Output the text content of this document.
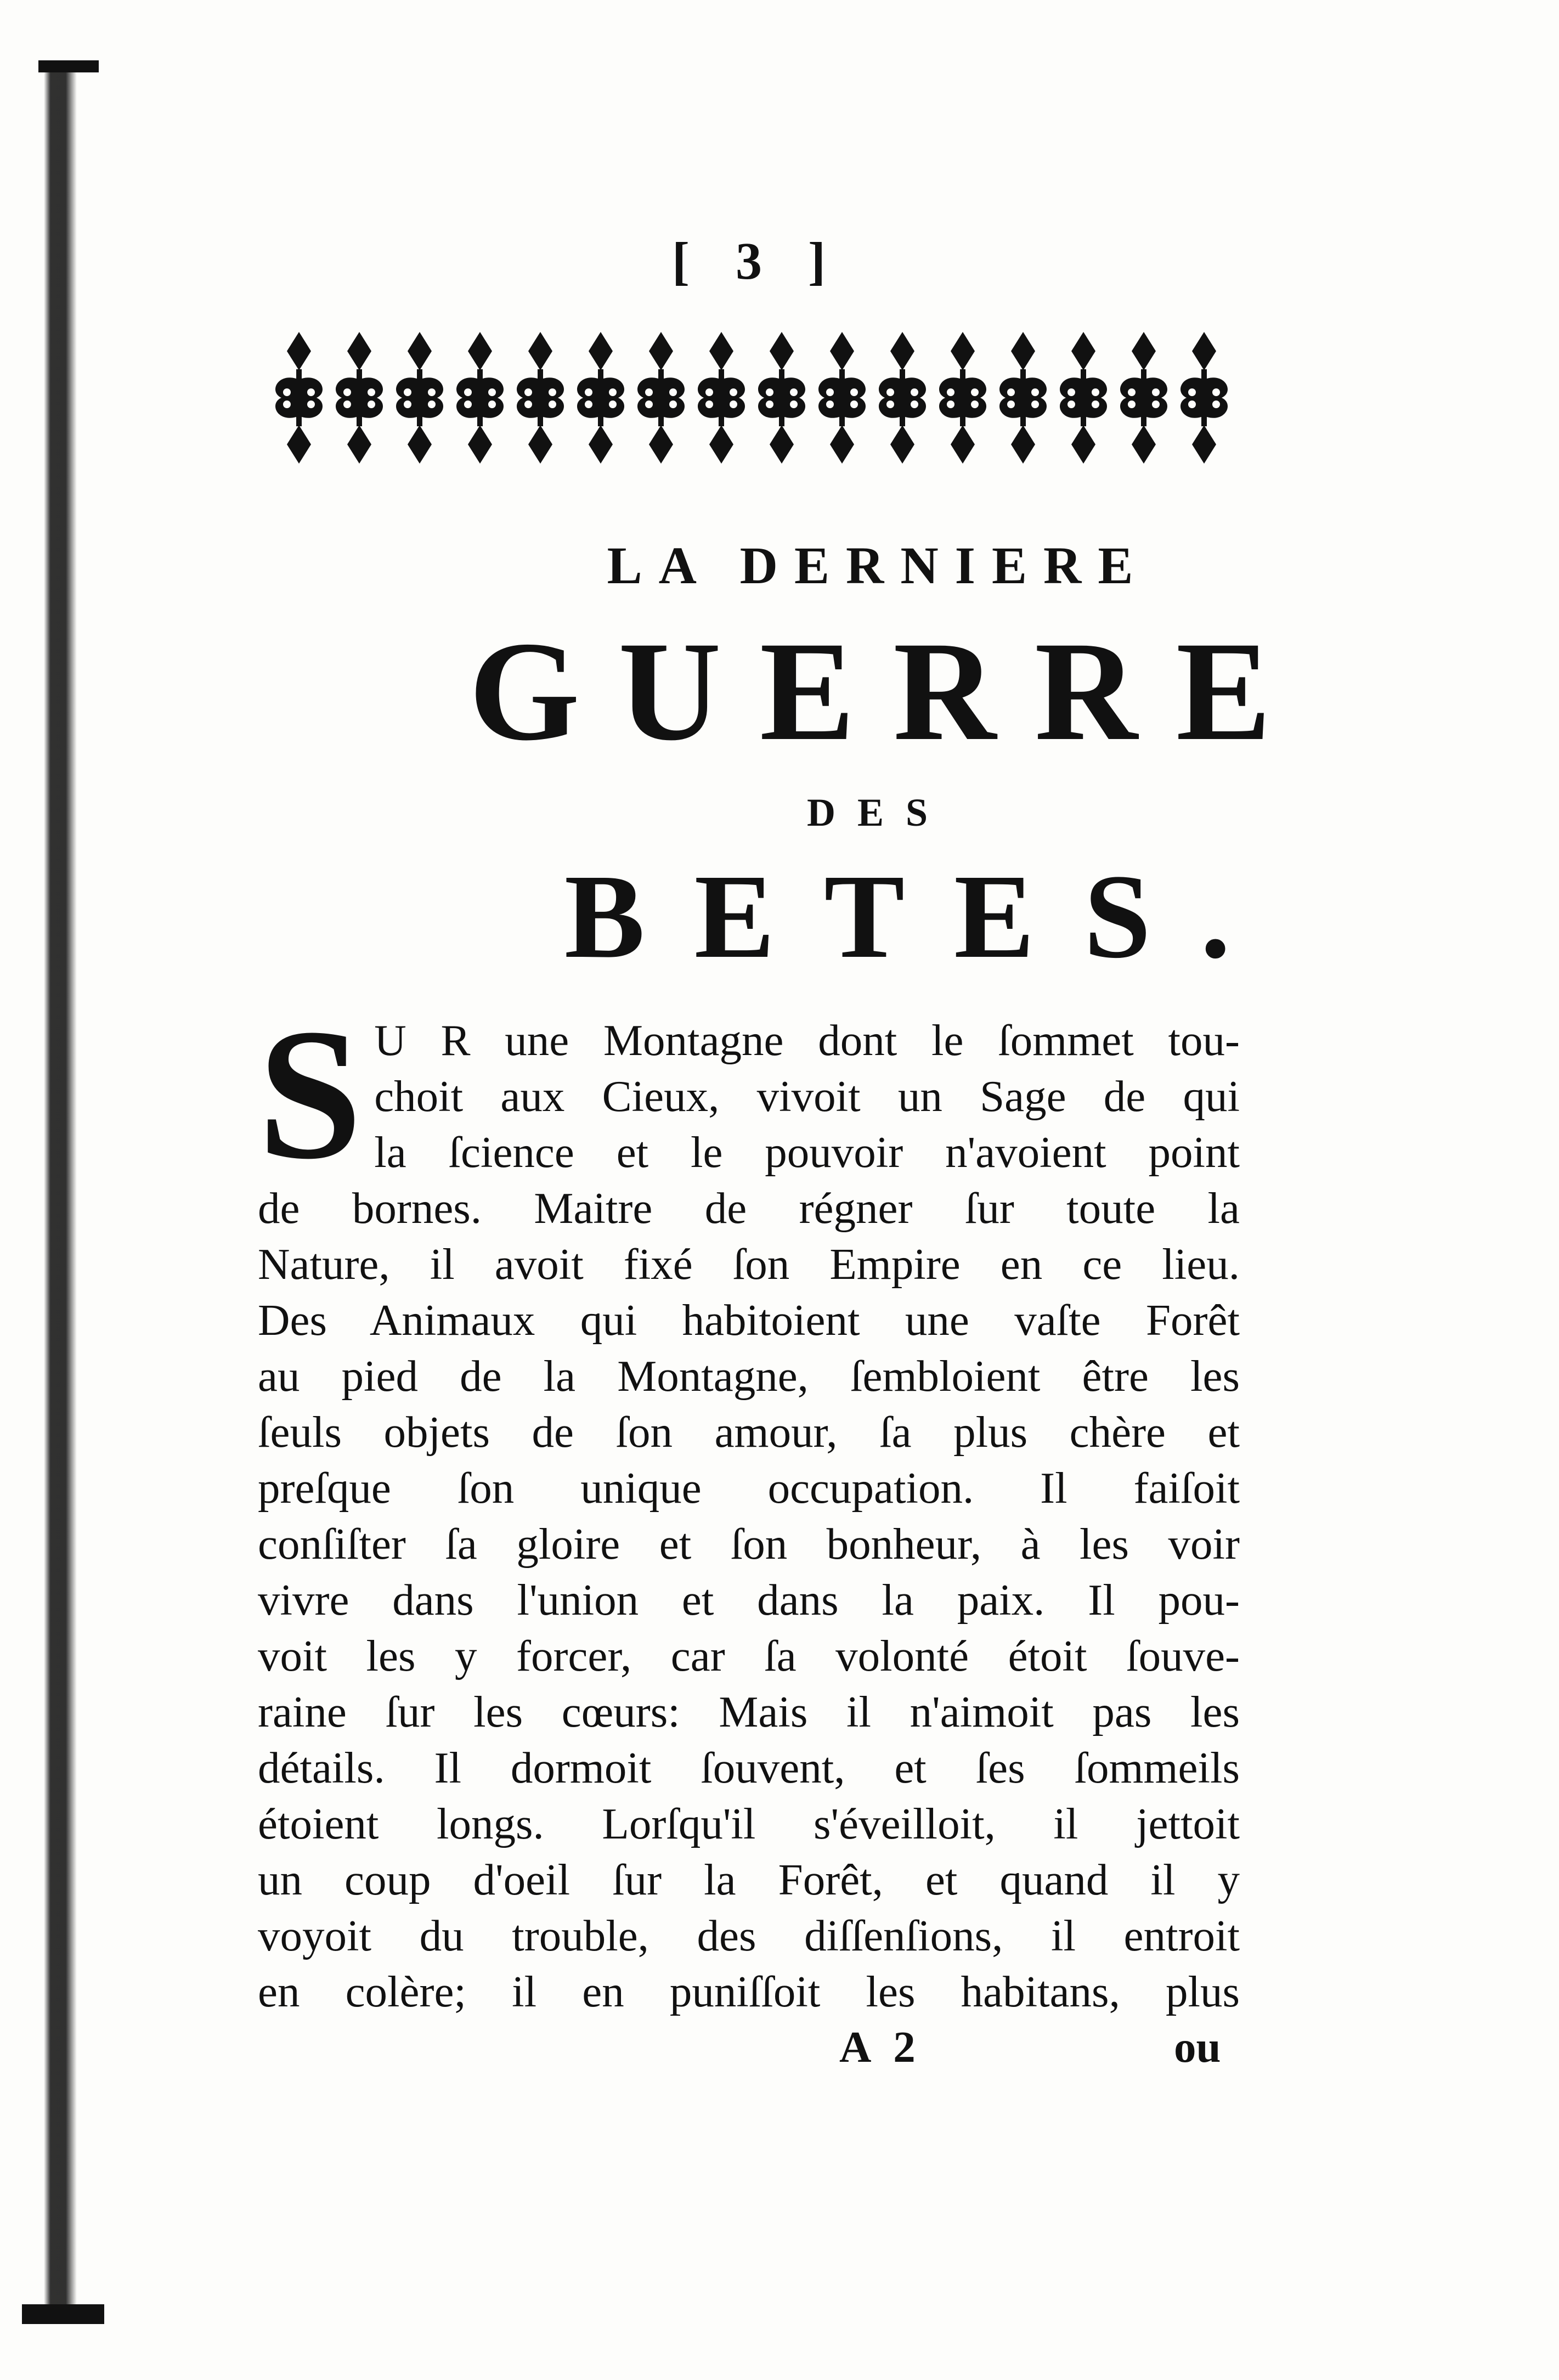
[ 3 ]
LA DERNIERE
GUERRE
DES
BETES.
S U R une Montagne dont le ſommet tou-
choit aux Cieux, vivoit un Sage de qui
la ſcience et le pouvoir n'avoient point
de bornes. Maitre de régner ſur toute la
Nature, il avoit fixé ſon Empire en ce lieu.
Des Animaux qui habitoient une vaſte Forêt
au pied de la Montagne, ſembloient être les
ſeuls objets de ſon amour, ſa plus chère et
preſque ſon unique occupation. Il faiſoit
conſiſter ſa gloire et ſon bonheur, à les voir
vivre dans l'union et dans la paix. Il pou-
voit les y forcer, car ſa volonté étoit ſouve-
raine ſur les cœurs: Mais il n'aimoit pas les
détails. Il dormoit ſouvent, et ſes ſommeils
étoient longs. Lorſqu'il s'éveilloit, il jettoit
un coup d'oeil ſur la Forêt, et quand il y
voyoit du trouble, des diſſenſions, il entroit
en colère; il en puniſſoit les habitans, plus
A 2	ou
